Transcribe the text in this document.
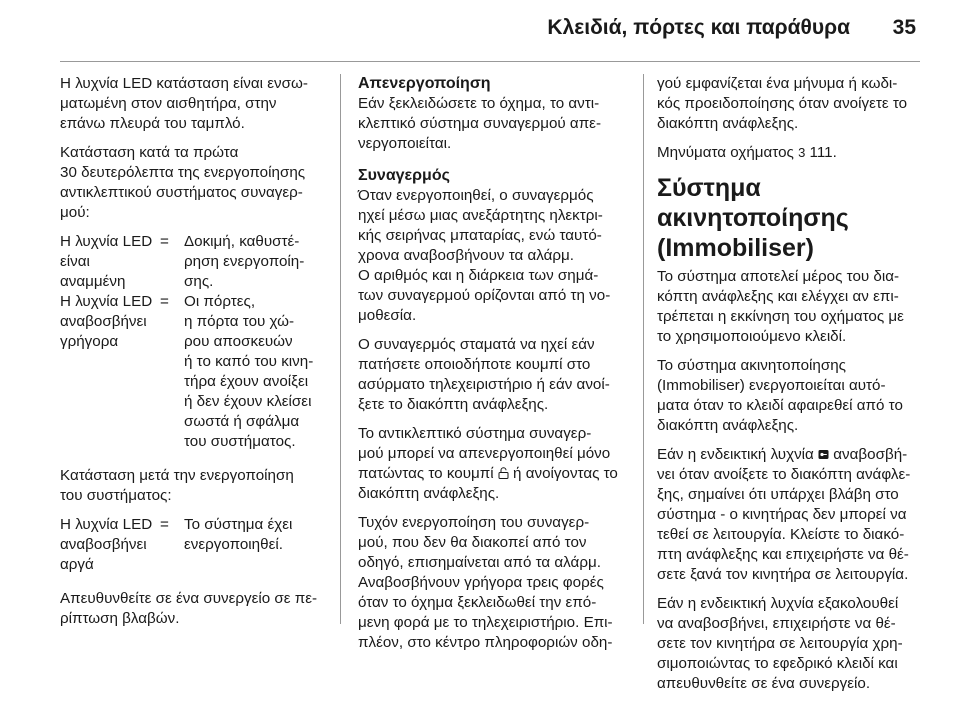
Κλειδιά, πόρτες και παράθυρα 35

Η λυχνία LED κατάσταση είναι ενσω-
ματωμένη στον αισθητήρα, στην
επάνω πλευρά του ταμπλό.

Κατάσταση κατά τα πρώτα
30 δευτερόλεπτα της ενεργοποίησης
αντικλεπτικού συστήματος συναγερ-
μού:

Η λυχνία LED
είναι
αναμμένη
= Δοκιμή, καθυστέ-
ρηση ενεργοποίη-
σης.
Η λυχνία LED
αναβοσβήνει
γρήγορα
= Οι πόρτες,
η πόρτα του χώ-
ρου αποσκευών
ή το καπό του κινη-
τήρα έχουν ανοίξει
ή δεν έχουν κλείσει
σωστά ή σφάλμα
του συστήματος.

Κατάσταση μετά την ενεργοποίηση
του συστήματος:

Η λυχνία LED
αναβοσβήνει
αργά
= Το σύστημα έχει
ενεργοποιηθεί.

Απευθυνθείτε σε ένα συνεργείο σε πε-
ρίπτωση βλαβών.

Απενεργοποίηση

Εάν ξεκλειδώσετε το όχημα, το αντι-
κλεπτικό σύστημα συναγερμού απε-
νεργοποιείται.

Συναγερμός

Όταν ενεργοποιηθεί, ο συναγερμός
ηχεί μέσω μιας ανεξάρτητης ηλεκτρι-
κής σειρήνας μπαταρίας, ενώ ταυτό-
χρονα αναβοσβήνουν τα αλάρμ.
Ο αριθμός και η διάρκεια των σημά-
των συναγερμού ορίζονται από τη νο-
μοθεσία.

Ο συναγερμός σταματά να ηχεί εάν
πατήσετε οποιοδήποτε κουμπί στο
ασύρματο τηλεχειριστήριο ή εάν ανοί-
ξετε το διακόπτη ανάφλεξης.

Το αντικλεπτικό σύστημα συναγερ-
μού μπορεί να απενεργοποιηθεί μόνο
πατώντας το κουμπί  ή ανοίγοντας το
διακόπτη ανάφλεξης.

Τυχόν ενεργοποίηση του συναγερ-
μού, που δεν θα διακοπεί από τον
οδηγό, επισημαίνεται από τα αλάρμ.
Αναβοσβήνουν γρήγορα τρεις φορές
όταν το όχημα ξεκλειδωθεί την επό-
μενη φορά με το τηλεχειριστήριο. Επι-
πλέον, στο κέντρο πληροφοριών οδη-

γού εμφανίζεται ένα μήνυμα ή κωδι-
κός προειδοποίησης όταν ανοίγετε το
διακόπτη ανάφλεξης.

Μηνύματα οχήματος 3 111.

Σύστημα ακινητοποίησης
(Immobiliser)

Το σύστημα αποτελεί μέρος του δια-
κόπτη ανάφλεξης και ελέγχει αν επι-
τρέπεται η εκκίνηση του οχήματος με
το χρησιμοποιούμενο κλειδί.

Το σύστημα ακινητοποίησης
(Immobiliser) ενεργοποιείται αυτό-
ματα όταν το κλειδί αφαιρεθεί από το
διακόπτη ανάφλεξης.

Εάν η ενδεικτική λυχνία  αναβοσβή-
νει όταν ανοίξετε το διακόπτη ανάφλε-
ξης, σημαίνει ότι υπάρχει βλάβη στο
σύστημα - ο κινητήρας δεν μπορεί να
τεθεί σε λειτουργία. Κλείστε το διακό-
πτη ανάφλεξης και επιχειρήστε να θέ-
σετε ξανά τον κινητήρα σε λειτουργία.

Εάν η ενδεικτική λυχνία εξακολουθεί
να αναβοσβήνει, επιχειρήστε να θέ-
σετε τον κινητήρα σε λειτουργία χρη-
σιμοποιώντας το εφεδρικό κλειδί και
απευθυνθείτε σε ένα συνεργείο.
